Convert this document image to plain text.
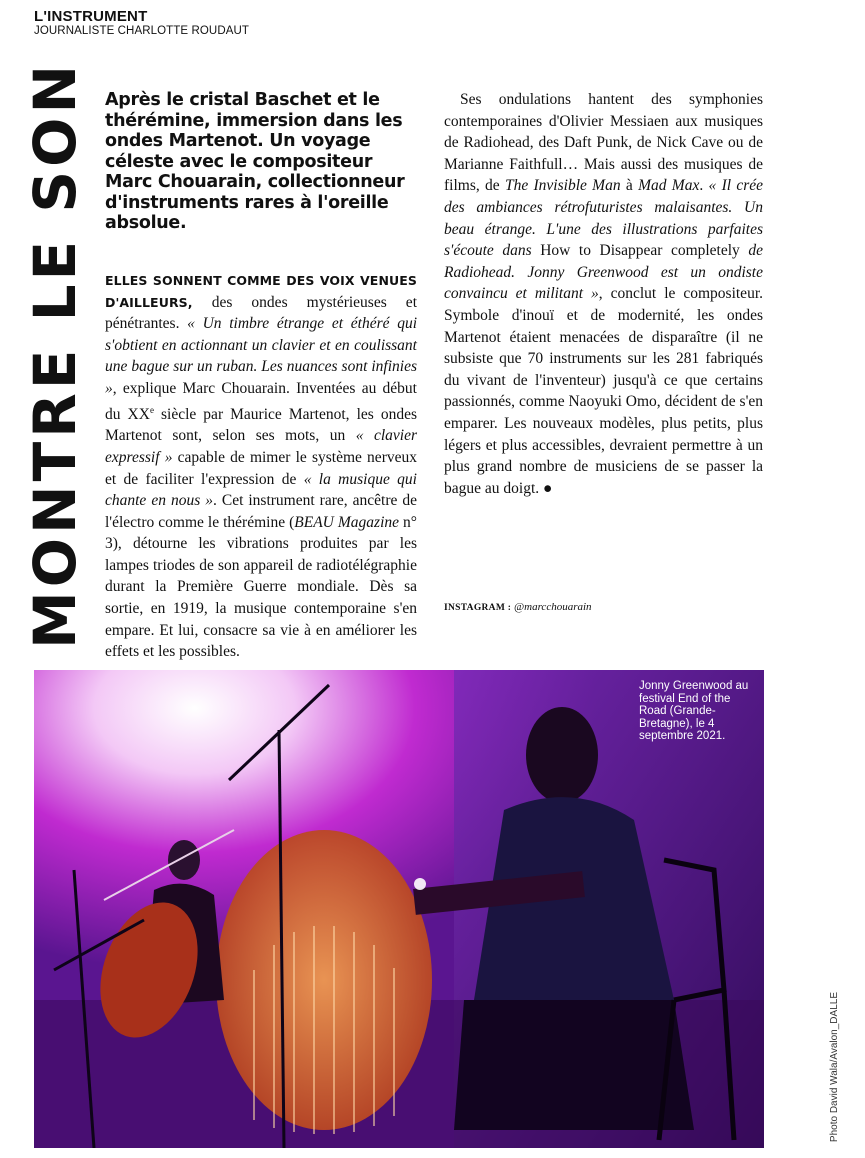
L'INSTRUMENT
JOURNALISTE CHARLOTTE ROUDAUT
MONTRE LE SON Après le cristal Baschet et le thérémine, immersion dans les ondes Martenot. Un voyage céleste avec le compositeur Marc Chouarain, collectionneur d'instruments rares à l'oreille absolue.

ELLES SONNENT COMME DES VOIX VENUES D'AILLEURS, des ondes mystérieuses et pénétrantes. « Un timbre étrange et éthéré qui s'obtient en actionnant un clavier et en coulissant une bague sur un ruban. Les nuances sont infinies », explique Marc Chouarain. Inventées au début du XXe siècle par Maurice Martenot, les ondes Martenot sont, selon ses mots, un « clavier expressif » capable de mimer le système nerveux et de faciliter l'expression de « la musique qui chante en nous ». Cet instrument rare, ancêtre de l'électro comme le thérémine (BEAU Magazine n° 3), détourne les vibrations produites par les lampes triodes de son appareil de radiotélégraphie durant la Première Guerre mondiale. Dès sa sortie, en 1919, la musique contemporaine s'en empare. Et lui, consacre sa vie à en améliorer les effets et les possibles.

Ses ondulations hantent des symphonies contemporaines d'Olivier Messiaen aux musiques de Radiohead, des Daft Punk, de Nick Cave ou de Marianne Faithfull… Mais aussi des musiques de films, de The Invisible Man à Mad Max. « Il crée des ambiances rétrofuturistes malaisantes. Un beau étrange. L'une des illustrations parfaites s'écoute dans How to Disappear completely de Radiohead. Jonny Greenwood est un ondiste convaincu et militant », conclut le compositeur. Symbole d'inouï et de modernité, les ondes Martenot étaient menacées de disparaître (il ne subsiste que 70 instruments sur les 281 fabriqués du vivant de l'inventeur) jusqu'à ce que certains passionnés, comme Naoyuki Omo, décident de s'en emparer. Les nouveaux modèles, plus petits, plus légers et plus accessibles, devraient permettre à un plus grand nombre de musiciens de se passer la bague au doigt. ●

INSTAGRAM : @marcchouarain
Jonny Greenwood au festival End of the Road (Grande-Bretagne), le 4 septembre 2021.
Photo David Wala/Avalon_DALLE
